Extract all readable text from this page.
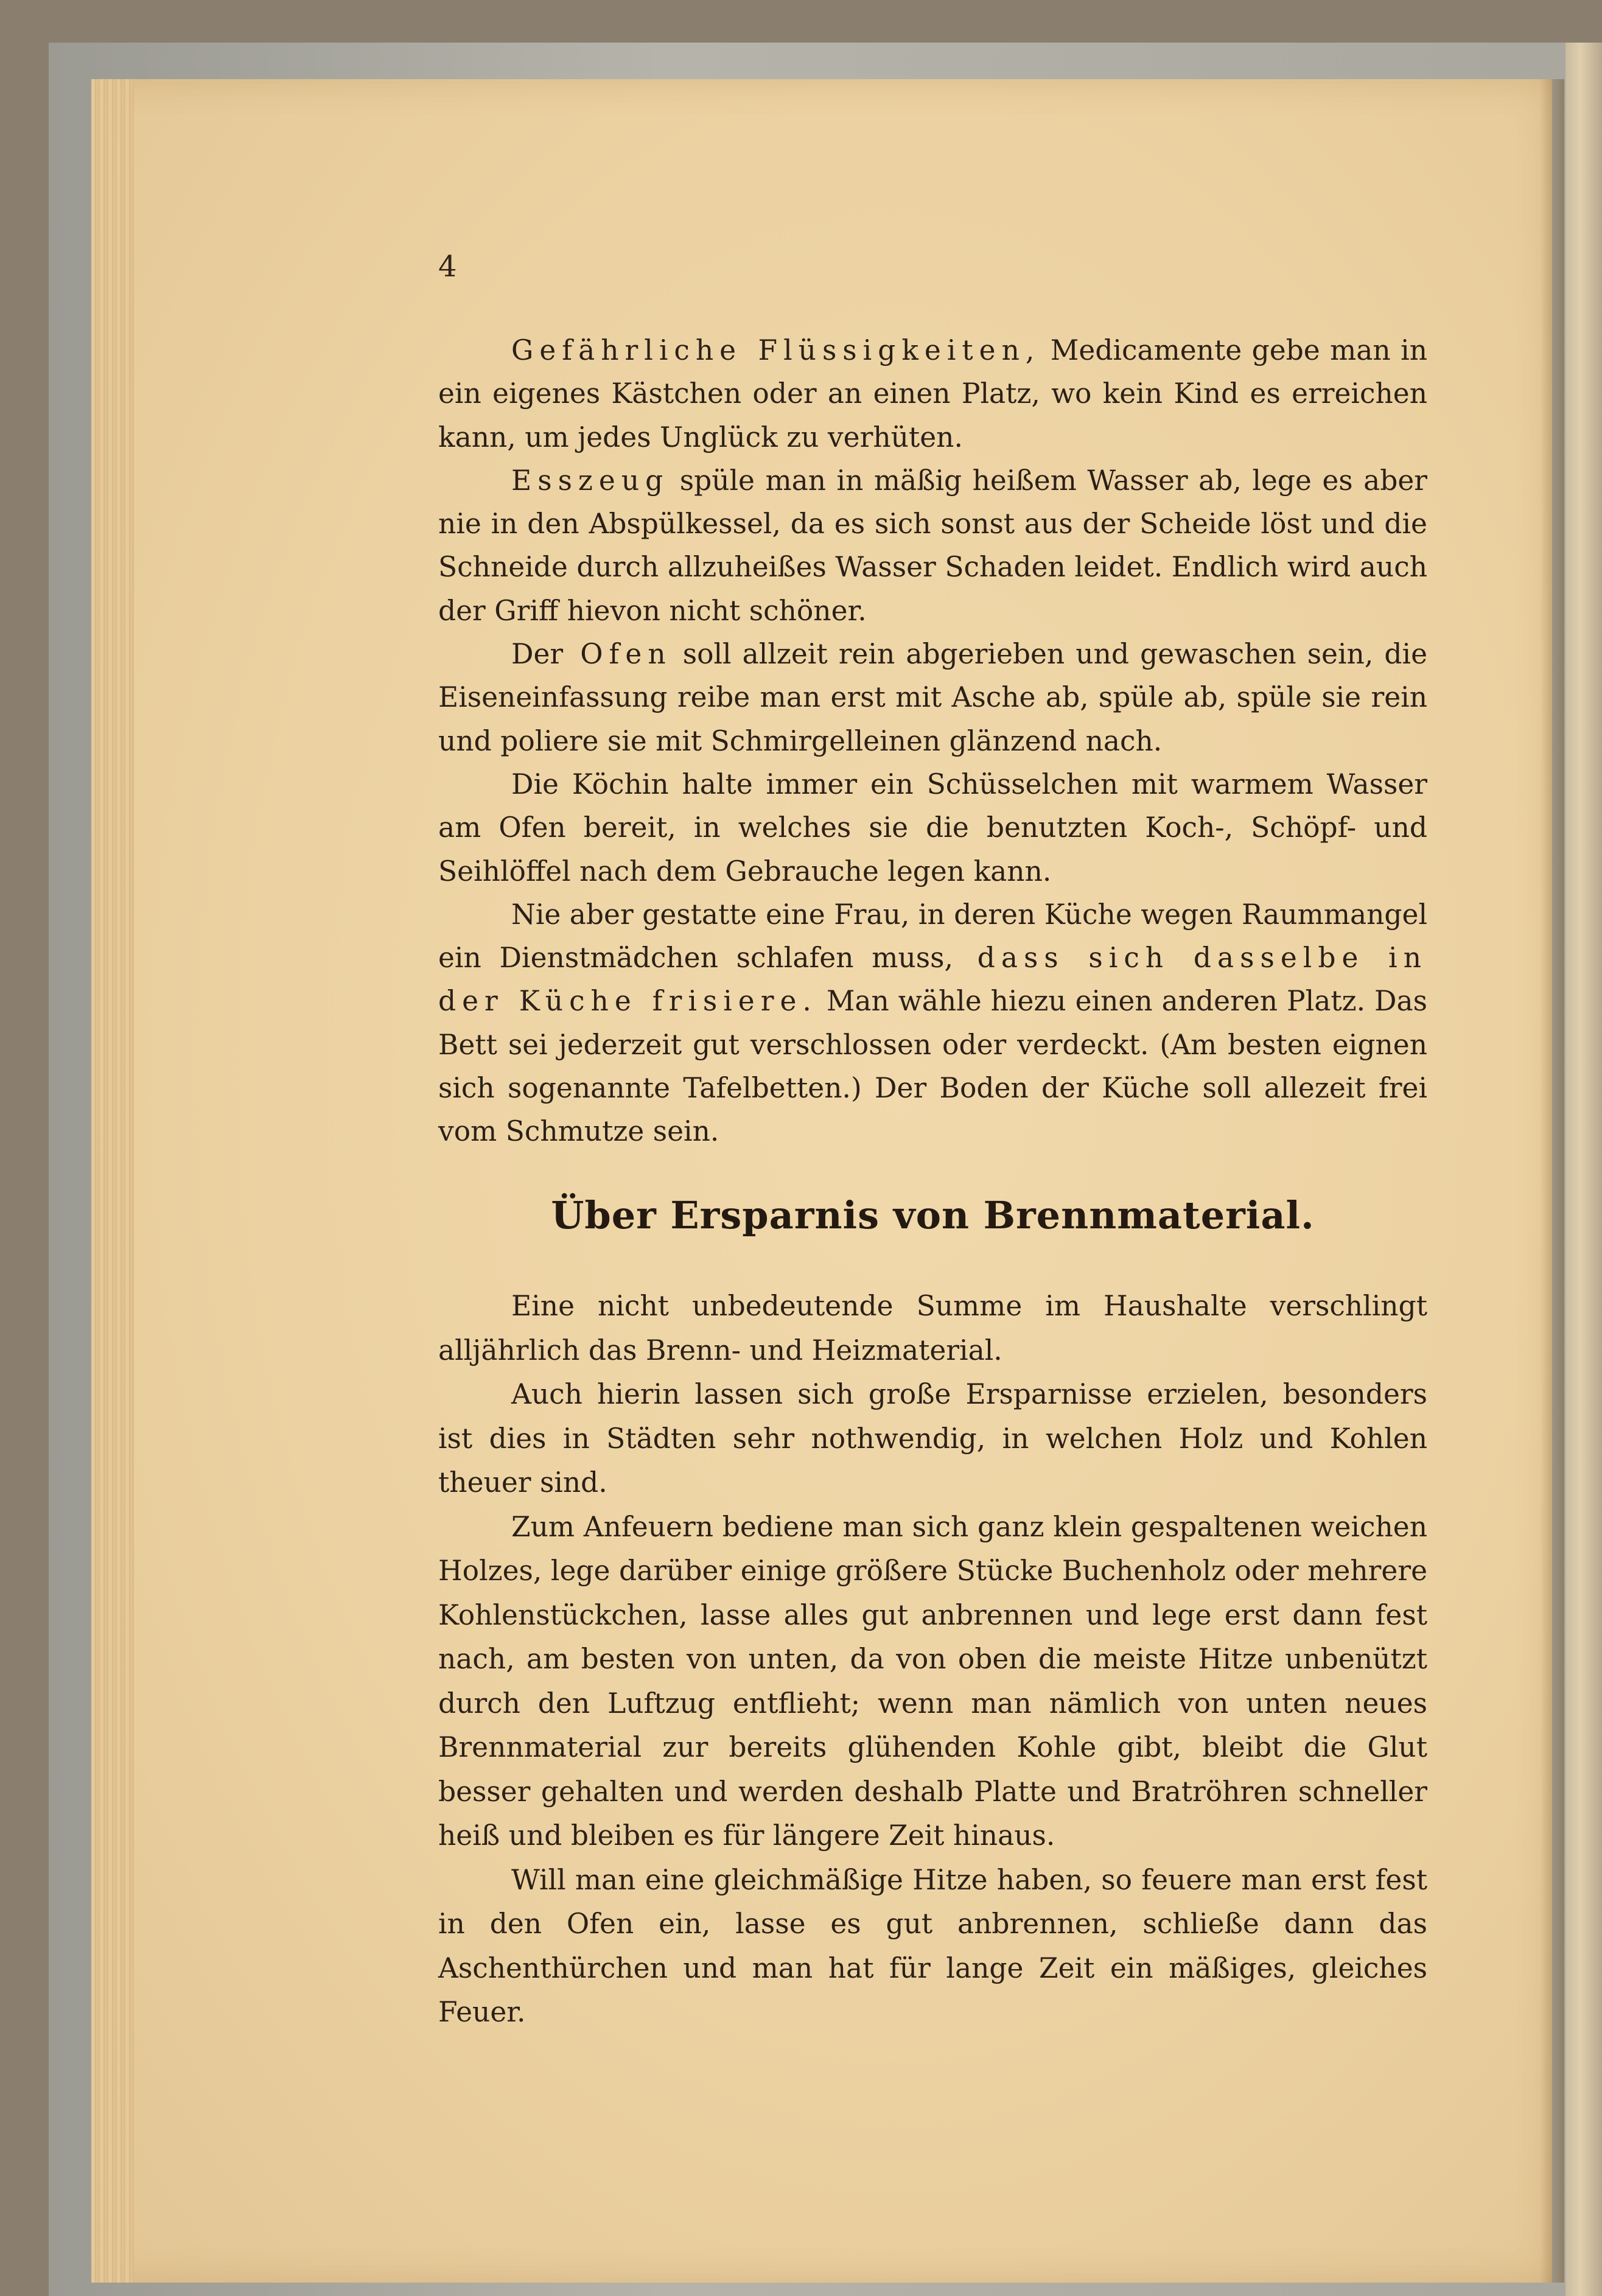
4

Gefährliche Flüssigkeiten, Medicamente gebe man in ein eigenes Kästchen oder an einen Platz, wo kein Kind es erreichen kann, um jedes Unglück zu verhüten.

Esszeug spüle man in mäßig heißem Wasser ab, lege es aber nie in den Abspülkessel, da es sich sonst aus der Scheide löst und die Schneide durch allzuheißes Wasser Schaden leidet. Endlich wird auch der Griff hievon nicht schöner.

Der Ofen soll allzeit rein abgerieben und gewaschen sein, die Eiseneinfassung reibe man erst mit Asche ab, spüle ab, spüle sie rein und poliere sie mit Schmirgelleinen glänzend nach.

Die Köchin halte immer ein Schüsselchen mit warmem Wasser am Ofen bereit, in welches sie die benutzten Koch-, Schöpf- und Seihlöffel nach dem Gebrauche legen kann.

Nie aber gestatte eine Frau, in deren Küche wegen Raummangel ein Dienstmädchen schlafen muss, dass sich dasselbe in der Küche frisiere. Man wähle hiezu einen anderen Platz. Das Bett sei jederzeit gut verschlossen oder verdeckt. (Am besten eignen sich sogenannte Tafelbetten.) Der Boden der Küche soll allezeit frei vom Schmutze sein.

Über Ersparnis von Brennmaterial.

Eine nicht unbedeutende Summe im Haushalte verschlingt alljährlich das Brenn- und Heizmaterial.

Auch hierin lassen sich große Ersparnisse erzielen, besonders ist dies in Städten sehr nothwendig, in welchen Holz und Kohlen theuer sind.

Zum Anfeuern bediene man sich ganz klein gespaltenen weichen Holzes, lege darüber einige größere Stücke Buchenholz oder mehrere Kohlenstückchen, lasse alles gut anbrennen und lege erst dann fest nach, am besten von unten, da von oben die meiste Hitze unbenützt durch den Luftzug entflieht; wenn man nämlich von unten neues Brennmaterial zur bereits glühenden Kohle gibt, bleibt die Glut besser gehalten und werden deshalb Platte und Bratröhren schneller heiß und bleiben es für längere Zeit hinaus.

Will man eine gleichmäßige Hitze haben, so feuere man erst fest in den Ofen ein, lasse es gut anbrennen, schließe dann das Aschenthürchen und man hat für lange Zeit ein mäßiges, gleiches Feuer.
